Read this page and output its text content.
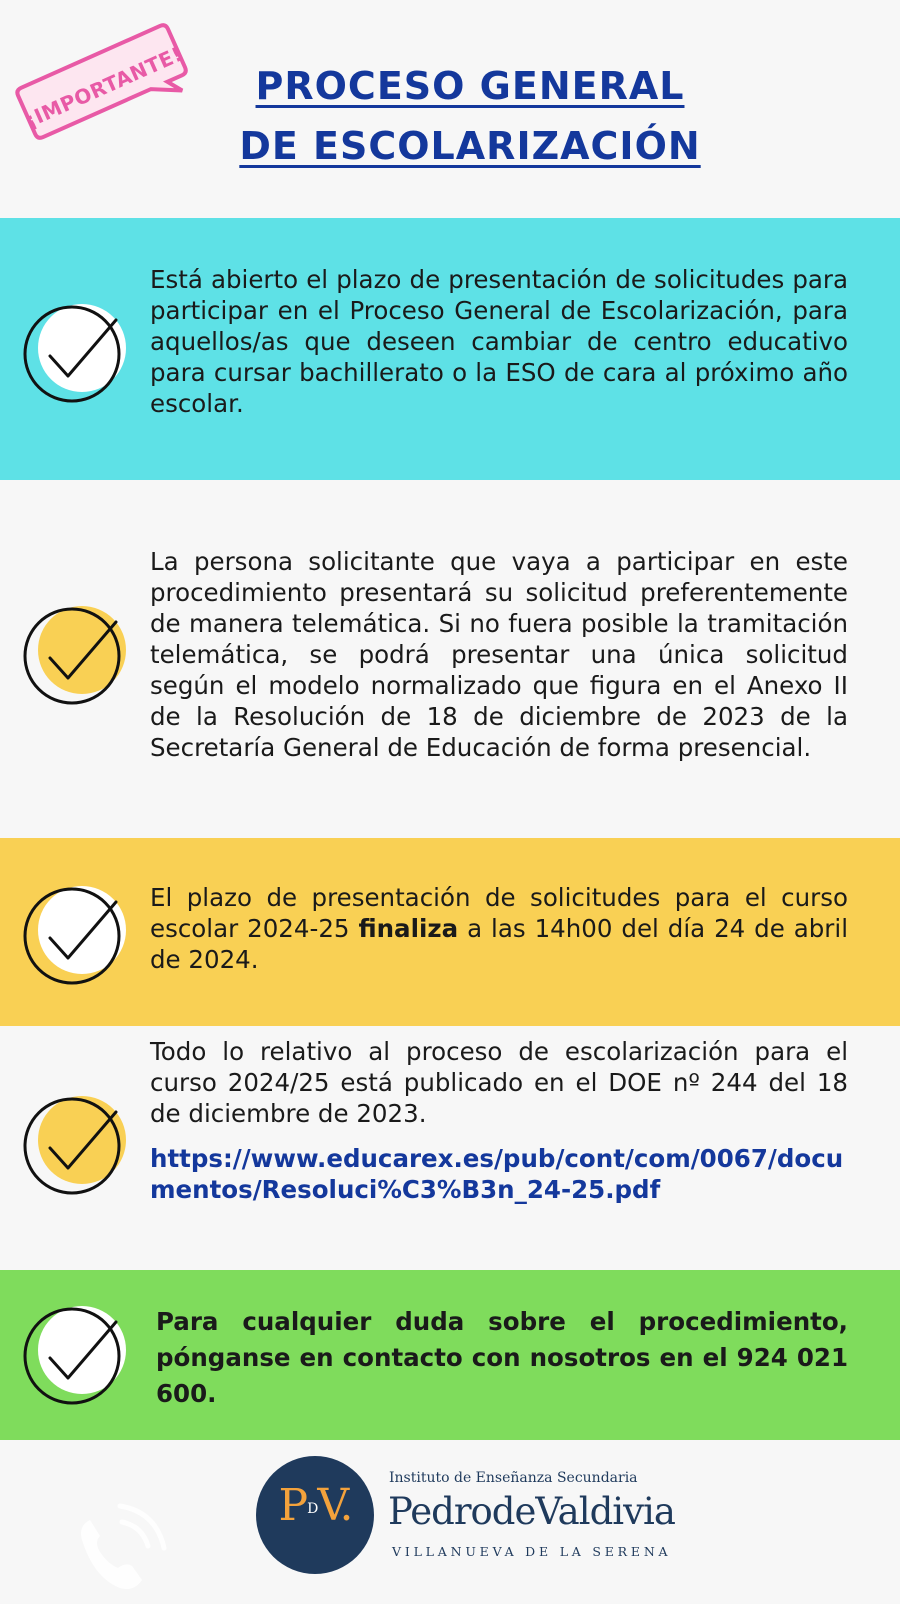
¡IMPORTANTE!	PROCESO GENERAL
DE ESCOLARIZACIÓN
Está abierto el plazo de presentación de solicitudes para participar en el Proceso General de Escolarización, para aquellos/as que deseen cambiar de centro educativo para cursar bachillerato o la ESO de cara al próximo año escolar.
La persona solicitante que vaya a participar en este procedimiento presentará su solicitud preferentemente de manera telemática. Si no fuera posible la tramitación telemática, se podrá presentar una única solicitud según el modelo normalizado que figura en el Anexo II de la Resolución de 18 de diciembre de 2023 de la Secretaría General de Educación de forma presencial.
El plazo de presentación de solicitudes para el curso escolar 2024-25 finaliza a las 14h00 del día 24 de abril de 2024.
Todo lo relativo al proceso de escolarización para el curso 2024/25 está publicado en el DOE nº 244 del 18 de diciembre de 2023.
https://www.educarex.es/pub/cont/com/0067/documentos/Resoluci%C3%B3n_24-25.pdf
Para cualquier duda sobre el procedimiento, pónganse en contacto con nosotros en el 924 021 600.
PDV.
Instituto de Enseñanza Secundaria
PedrodeValdivia
VILLANUEVA DE LA SERENA
